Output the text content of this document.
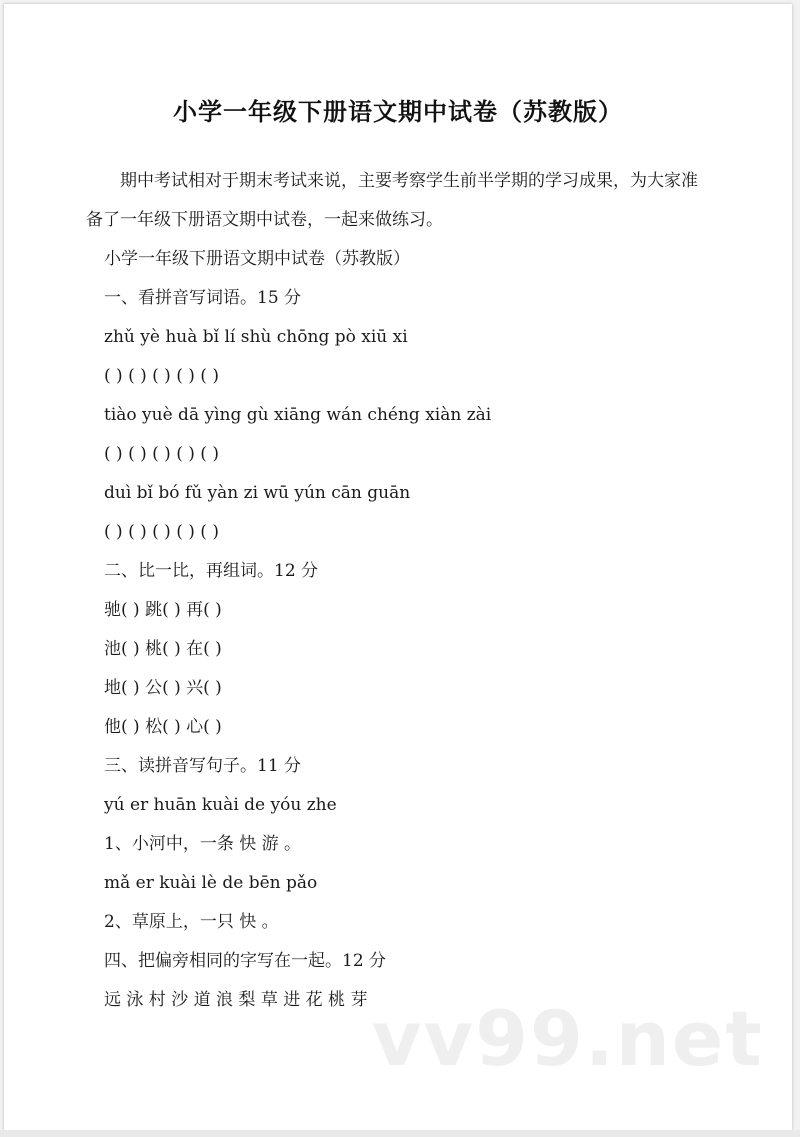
小学一年级下册语文期中试卷（苏教版）
期中考试相对于期末考试来说，主要考察学生前半学期的学习成果，为大家准备了一年级下册语文期中试卷，一起来做练习。
小学一年级下册语文期中试卷（苏教版）
一、看拼音写词语。15 分
zhǔ yè huà bǐ lí shù chōng pò xiū xi
( ) ( ) ( ) ( ) ( )
tiào yuè dā yìng gù xiāng wán chéng xiàn zài
( ) ( ) ( ) ( ) ( )
duì bǐ bó fǔ yàn zi wū yún cān guān
( ) ( ) ( ) ( ) ( )
二、比一比，再组词。12 分
驰( ) 跳( ) 再( )
池( ) 桃( ) 在( )
地( ) 公( ) 兴( )
他( ) 松( ) 心( )
三、读拼音写句子。11 分
yú er huān kuài de yóu zhe
1、小河中，一条 快 游 。
mǎ er kuài lè de bēn pǎo
2、草原上，一只 快 。
四、把偏旁相同的字写在一起。12 分
远 泳 村 沙 道 浪 梨 草 进 花 桃 芽 vv99.net
